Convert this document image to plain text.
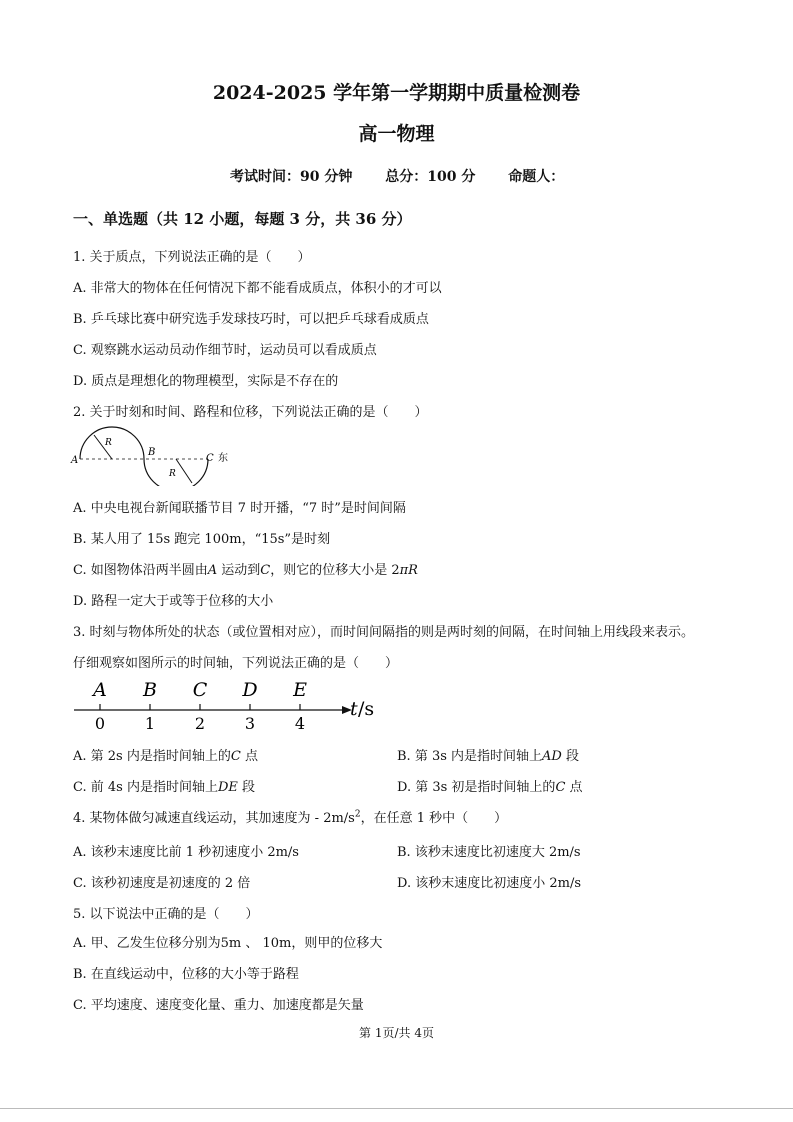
2024-2025 学年第一学期期中质量检测卷
高一物理
考试时间：90 分钟 总分：100 分 命题人：
一、单选题（共 12 小题，每题 3 分，共 36 分）
1. 关于质点，下列说法正确的是（　　）
A. 非常大的物体在任何情况下都不能看成质点，体积小的才可以
B. 乒乓球比赛中研究选手发球技巧时，可以把乒乓球看成质点
C. 观察跳水运动员动作细节时，运动员可以看成质点
D. 质点是理想化的物理模型，实际是不存在的
2. 关于时刻和时间、路程和位移，下列说法正确的是（　　）
A
R
B
R
C 东
A. 中央电视台新闻联播节目 7 时开播，“7 时”是时间间隔
B. 某人用了 15s 跑完 100m，“15s”是时刻
C. 如图物体沿两半圆由A 运动到C，则它的位移大小是 2πR
D. 路程一定大于或等于位移的大小
3. 时刻与物体所处的状态（或位置相对应），而时间间隔指的则是两时刻的间隔，在时间轴上用线段来表示。
仔细观察如图所示的时间轴，下列说法正确的是（　　）
A
0
B
1
C
2
D
3
E
4
t /s
A. 第 2s 内是指时间轴上的C 点	B. 第 3s 内是指时间轴上AD 段
C. 前 4s 内是指时间轴上DE 段	D. 第 3s 初是指时间轴上的C 点
4. 某物体做匀减速直线运动，其加速度为 - $2m/s^2$，在任意 1 秒中（　　）
A. 该秒末速度比前 1 秒初速度小 2m/s	B. 该秒末速度比初速度大 2m/s
C. 该秒初速度是初速度的 2 倍	D. 该秒末速度比初速度小 2m/s
5. 以下说法中正确的是（　　）
A. 甲、乙发生位移分别为5m 、 10m，则甲的位移大
B. 在直线运动中，位移的大小等于路程
C. 平均速度、速度变化量、重力、加速度都是矢量
第 1页/共 4页
